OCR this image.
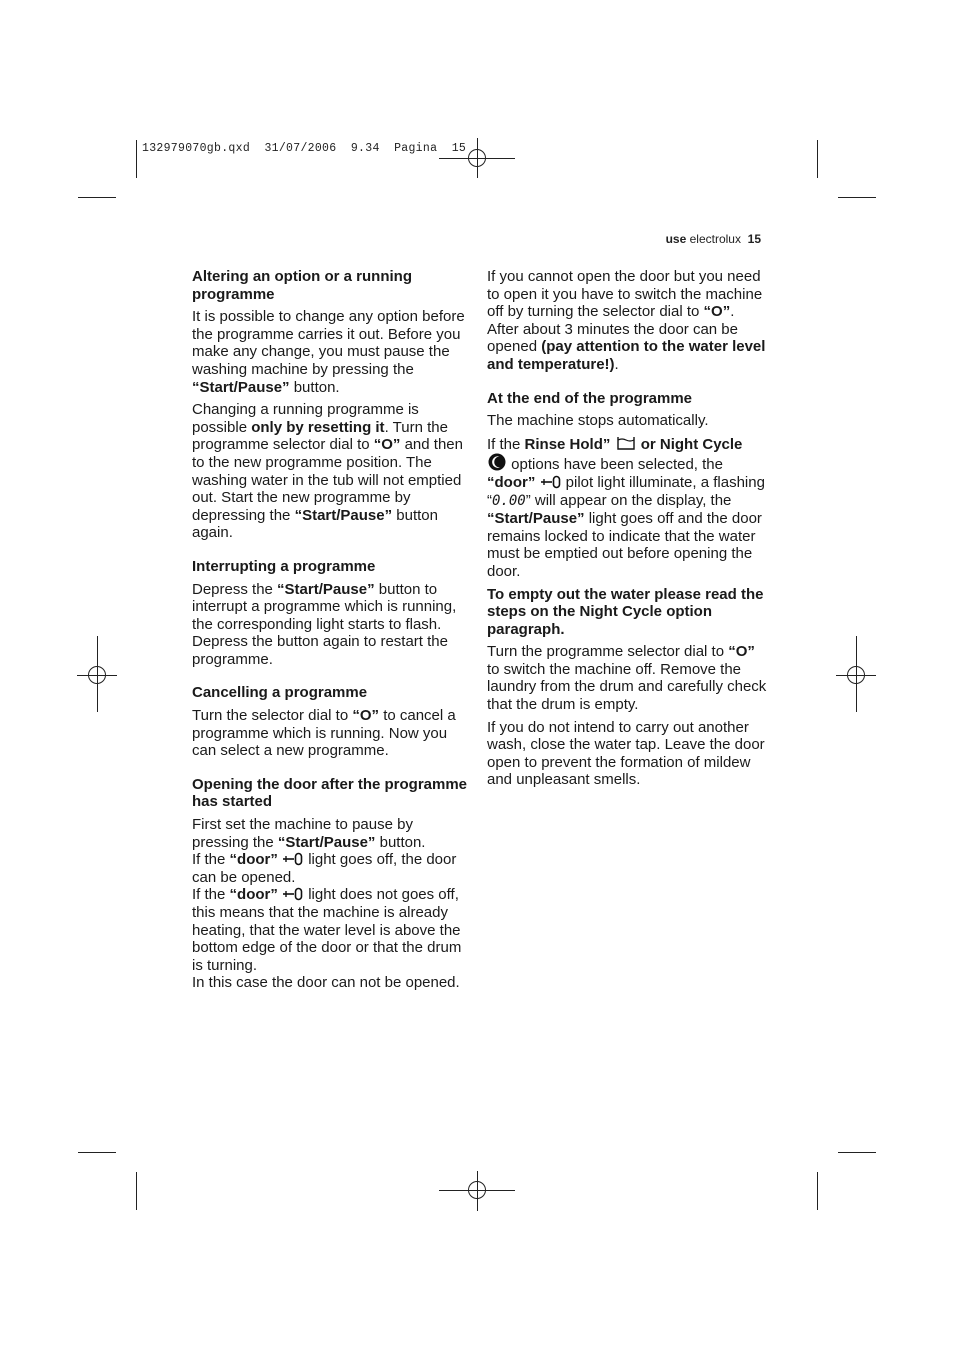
132979070gb.qxd 31/07/2006 9.34 Pagina 15
use electrolux 15
Altering an option or a running programme

It is possible to change any option before the programme carries it out. Before you make any change, you must pause the washing machine by pressing the “Start/Pause” button.

Changing a running programme is possible only by resetting it. Turn the programme selector dial to “O” and then to the new programme position. The washing water in the tub will not emptied out. Start the new programme by depressing the “Start/Pause” button again.

Interrupting a programme

Depress the “Start/Pause” button to interrupt a programme which is running, the corresponding light starts to flash. Depress the button again to restart the programme.

Cancelling a programme

Turn the selector dial to “O” to cancel a programme which is running. Now you can select a new programme.

Opening the door after the programme has started

First set the machine to pause by pressing the “Start/Pause” button.
If the “door”  light goes off, the door can be opened.
If the “door”  light does not goes off, this means that the machine is already heating, that the water level is above the bottom edge of the door or that the drum is turning.
In this case the door can not be opened.

If you cannot open the door but you need to open it you have to switch the machine off by turning the selector dial to “O”. After about 3 minutes the door can be opened (pay attention to the water level and temperature!).

At the end of the programme

The machine stops automatically.

If the Rinse Hold” or Night Cycle
options have been selected, the “door”  pilot light illuminate, a flashing “0.00” will appear on the display, the “Start/Pause” light goes off and the door remains locked to indicate that the water must be emptied out before opening the door.

To empty out the water please read the steps on the Night Cycle option paragraph.

Turn the programme selector dial to “O” to switch the machine off. Remove the laundry from the drum and carefully check that the drum is empty.

If you do not intend to carry out another wash, close the water tap. Leave the door open to prevent the formation of mildew and unpleasant smells.
